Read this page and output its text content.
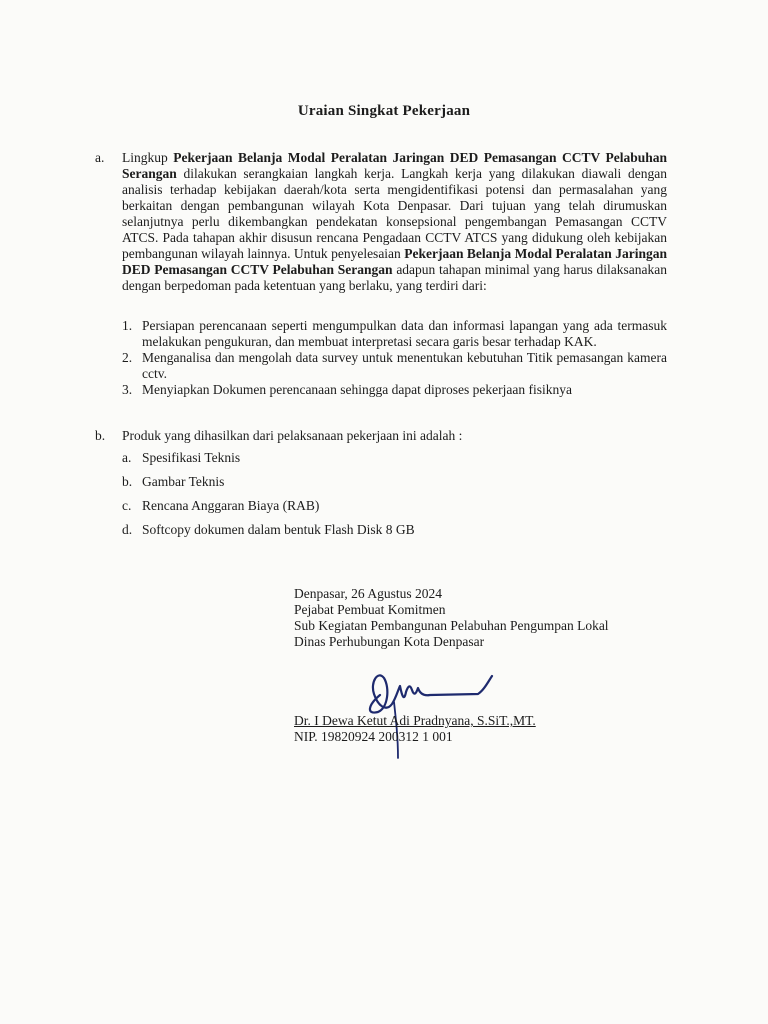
Uraian Singkat Pekerjaan
a. Lingkup Pekerjaan Belanja Modal Peralatan Jaringan DED Pemasangan CCTV Pelabuhan Serangan dilakukan serangkaian langkah kerja. Langkah kerja yang dilakukan diawali dengan analisis terhadap kebijakan daerah/kota serta mengidentifikasi potensi dan permasalahan yang berkaitan dengan pembangunan wilayah Kota Denpasar. Dari tujuan yang telah dirumuskan selanjutnya perlu dikembangkan pendekatan konsepsional pengembangan Pemasangan CCTV ATCS. Pada tahapan akhir disusun rencana Pengadaan CCTV ATCS yang didukung oleh kebijakan pembangunan wilayah lainnya. Untuk penyelesaian Pekerjaan Belanja Modal Peralatan Jaringan DED Pemasangan CCTV Pelabuhan Serangan adapun tahapan minimal yang harus dilaksanakan dengan berpedoman pada ketentuan yang berlaku, yang terdiri dari:
1. Persiapan perencanaan seperti mengumpulkan data dan informasi lapangan yang ada termasuk melakukan pengukuran, dan membuat interpretasi secara garis besar terhadap KAK.
2. Menganalisa dan mengolah data survey untuk menentukan kebutuhan Titik pemasangan kamera cctv.
3. Menyiapkan Dokumen perencanaan sehingga dapat diproses pekerjaan fisiknya
b. Produk yang dihasilkan dari pelaksanaan pekerjaan ini adalah :
a. Spesifikasi Teknis
b. Gambar Teknis
c. Rencana Anggaran Biaya (RAB)
d. Softcopy dokumen dalam bentuk Flash Disk 8 GB
Denpasar, 26 Agustus 2024
Pejabat Pembuat Komitmen
Sub Kegiatan Pembangunan Pelabuhan Pengumpan Lokal
Dinas Perhubungan Kota Denpasar
Dr. I Dewa Ketut Adi Pradnyana, S.SiT.,MT.
NIP. 19820924 200312 1 001
